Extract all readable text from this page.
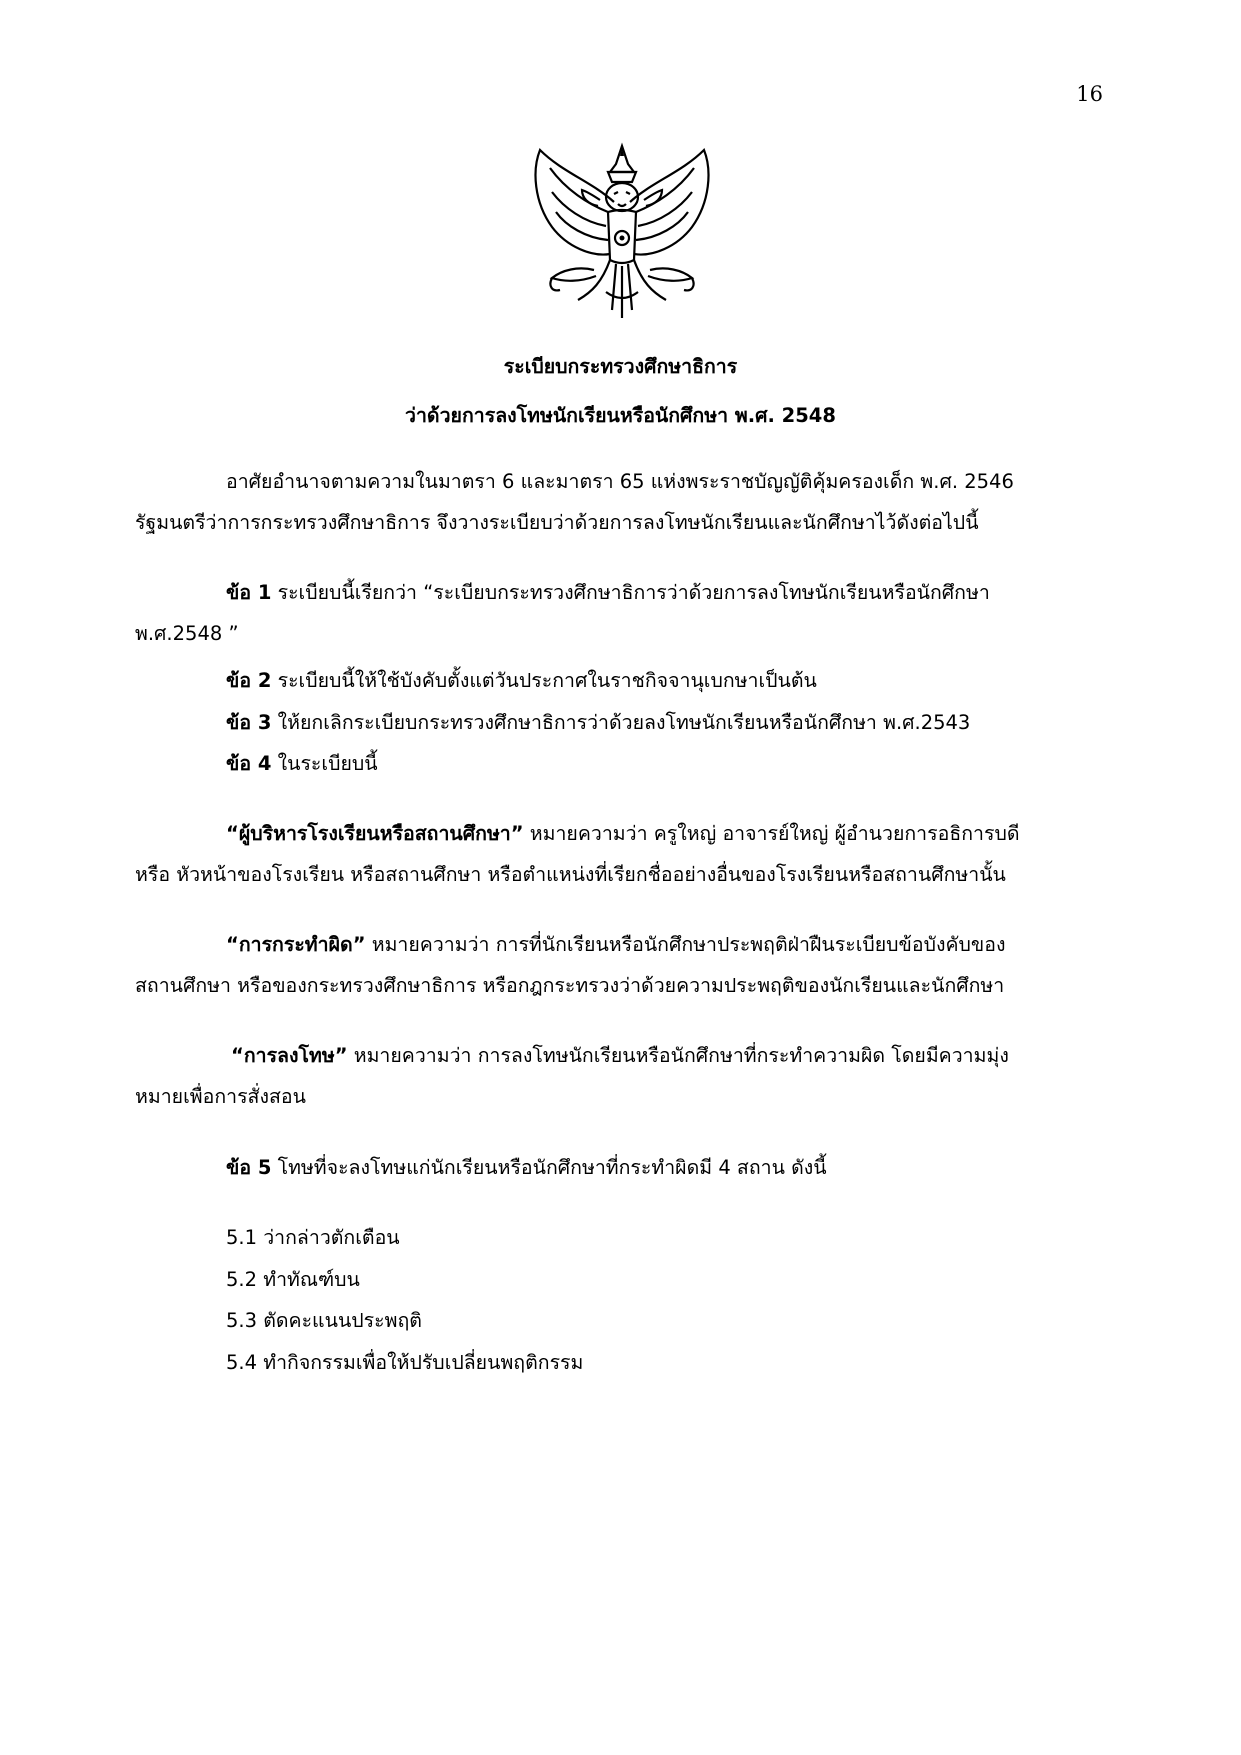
16
ระเบียบกระทรวงศึกษาธิการ
ว่าด้วยการลงโทษนักเรียนหรือนักศึกษา พ.ศ. 2548
อาศัยอำนาจตามความในมาตรา 6 และมาตรา 65 แห่งพระราชบัญญัติคุ้มครองเด็ก พ.ศ. 2546
รัฐมนตรีว่าการกระทรวงศึกษาธิการ จึงวางระเบียบว่าด้วยการลงโทษนักเรียนและนักศึกษาไว้ดังต่อไปนี้
ข้อ 1 ระเบียบนี้เรียกว่า “ระเบียบกระทรวงศึกษาธิการว่าด้วยการลงโทษนักเรียนหรือนักศึกษา
พ.ศ.2548 ”
ข้อ 2 ระเบียบนี้ให้ใช้บังคับตั้งแต่วันประกาศในราชกิจจานุเบกษาเป็นต้น
ข้อ 3 ให้ยกเลิกระเบียบกระทรวงศึกษาธิการว่าด้วยลงโทษนักเรียนหรือนักศึกษา พ.ศ.2543
ข้อ 4 ในระเบียบนี้
“ผู้บริหารโรงเรียนหรือสถานศึกษา” หมายความว่า ครูใหญ่ อาจารย์ใหญ่ ผู้อำนวยการอธิการบดี
หรือ หัวหน้าของโรงเรียน หรือสถานศึกษา หรือตำแหน่งที่เรียกชื่ออย่างอื่นของโรงเรียนหรือสถานศึกษานั้น
“การกระทำผิด” หมายความว่า การที่นักเรียนหรือนักศึกษาประพฤติฝ่าฝืนระเบียบข้อบังคับของ
สถานศึกษา หรือของกระทรวงศึกษาธิการ หรือกฎกระทรวงว่าด้วยความประพฤติของนักเรียนและนักศึกษา
“การลงโทษ” หมายความว่า การลงโทษนักเรียนหรือนักศึกษาที่กระทำความผิด โดยมีความมุ่ง
หมายเพื่อการสั่งสอน
ข้อ 5 โทษที่จะลงโทษแก่นักเรียนหรือนักศึกษาที่กระทำผิดมี 4 สถาน ดังนี้
5.1 ว่ากล่าวตักเตือน
5.2 ทำทัณฑ์บน
5.3 ตัดคะแนนประพฤติ
5.4 ทำกิจกรรมเพื่อให้ปรับเปลี่ยนพฤติกรรม
